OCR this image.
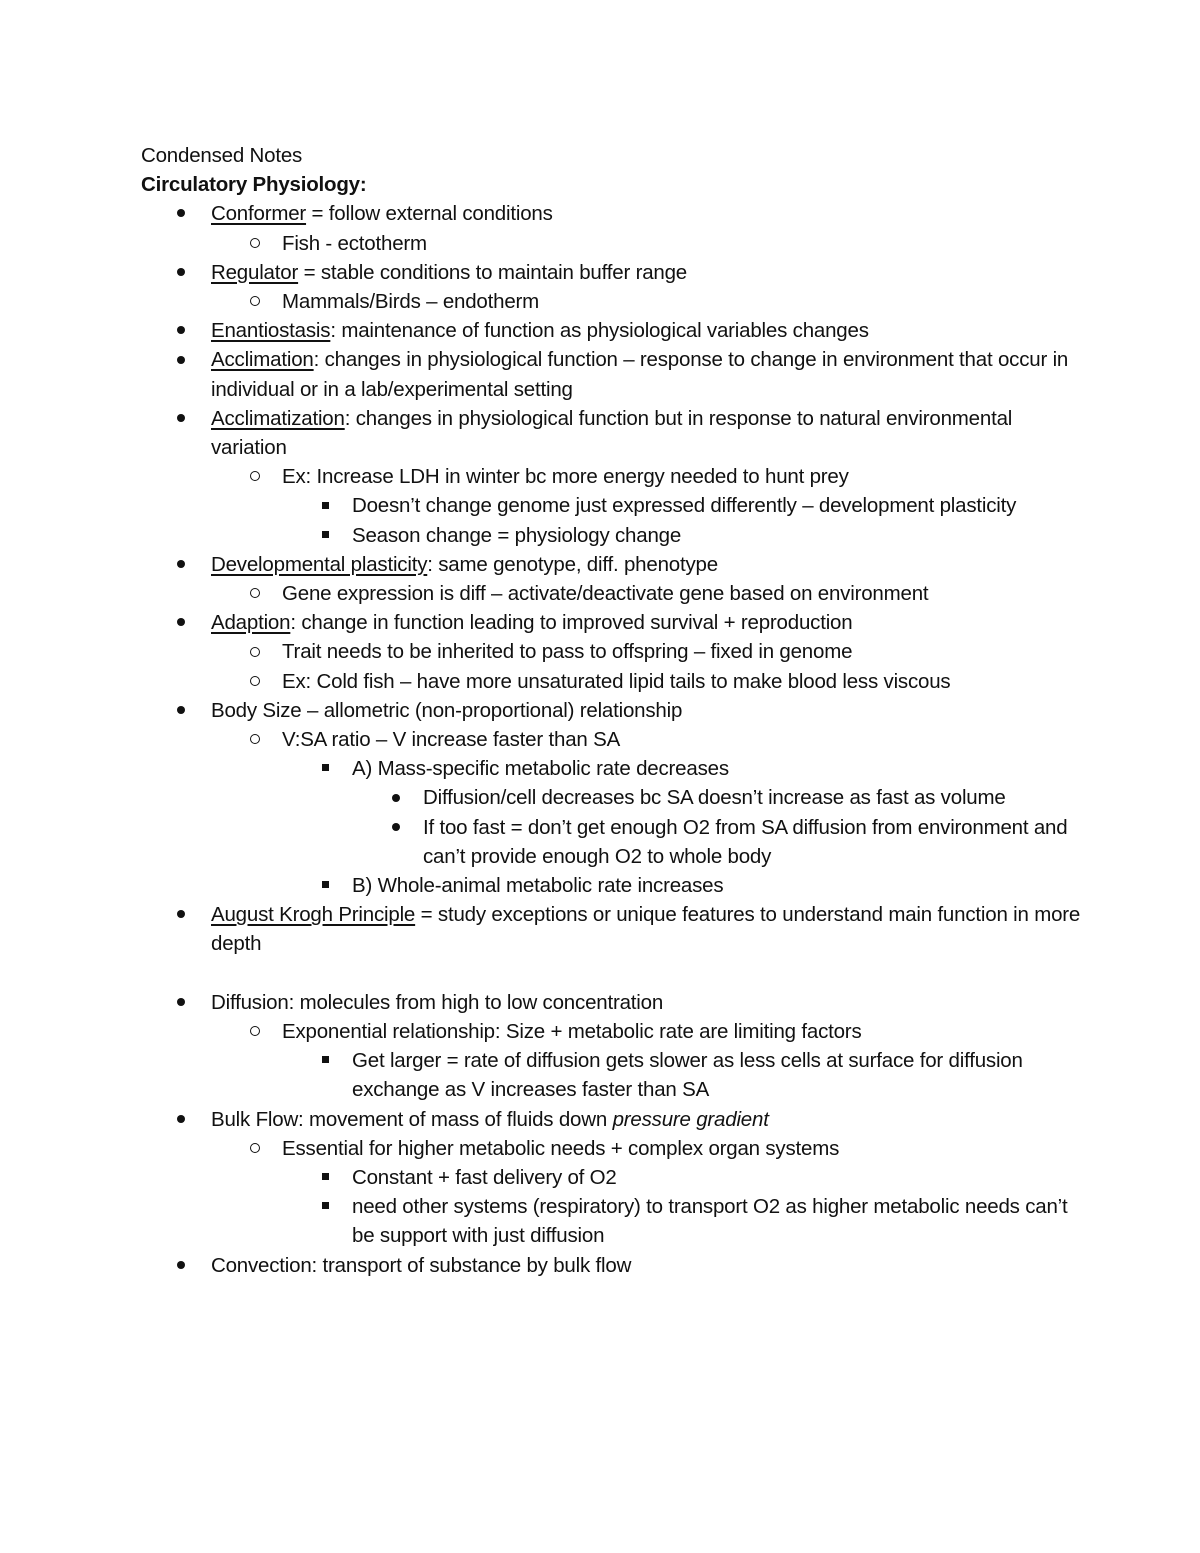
Condensed Notes
Circulatory Physiology:
Conformer = follow external conditions
Fish - ectotherm
Regulator = stable conditions to maintain buffer range
Mammals/Birds – endotherm
Enantiostasis: maintenance of function as physiological variables changes
Acclimation: changes in physiological function – response to change in environment that occur in individual or in a lab/experimental setting
Acclimatization: changes in physiological function but in response to natural environmental variation
Ex: Increase LDH in winter bc more energy needed to hunt prey
Doesn’t change genome just expressed differently – development plasticity
Season change = physiology change
Developmental plasticity: same genotype, diff. phenotype
Gene expression is diff – activate/deactivate gene based on environment
Adaption: change in function leading to improved survival + reproduction
Trait needs to be inherited to pass to offspring – fixed in genome
Ex: Cold fish – have more unsaturated lipid tails to make blood less viscous
Body Size – allometric (non-proportional) relationship
V:SA ratio – V increase faster than SA
A) Mass-specific metabolic rate decreases
Diffusion/cell decreases bc SA doesn’t increase as fast as volume
If too fast = don’t get enough O2 from SA diffusion from environment and can’t provide enough O2 to whole body
B) Whole-animal metabolic rate increases
August Krogh Principle = study exceptions or unique features to understand main function in more depth
Diffusion: molecules from high to low concentration
Exponential relationship: Size + metabolic rate are limiting factors
Get larger = rate of diffusion gets slower as less cells at surface for diffusion exchange as V increases faster than SA
Bulk Flow: movement of mass of fluids down pressure gradient
Essential for higher metabolic needs + complex organ systems
Constant + fast delivery of O2
need other systems (respiratory) to transport O2 as higher metabolic needs can’t be support with just diffusion
Convection: transport of substance by bulk flow
